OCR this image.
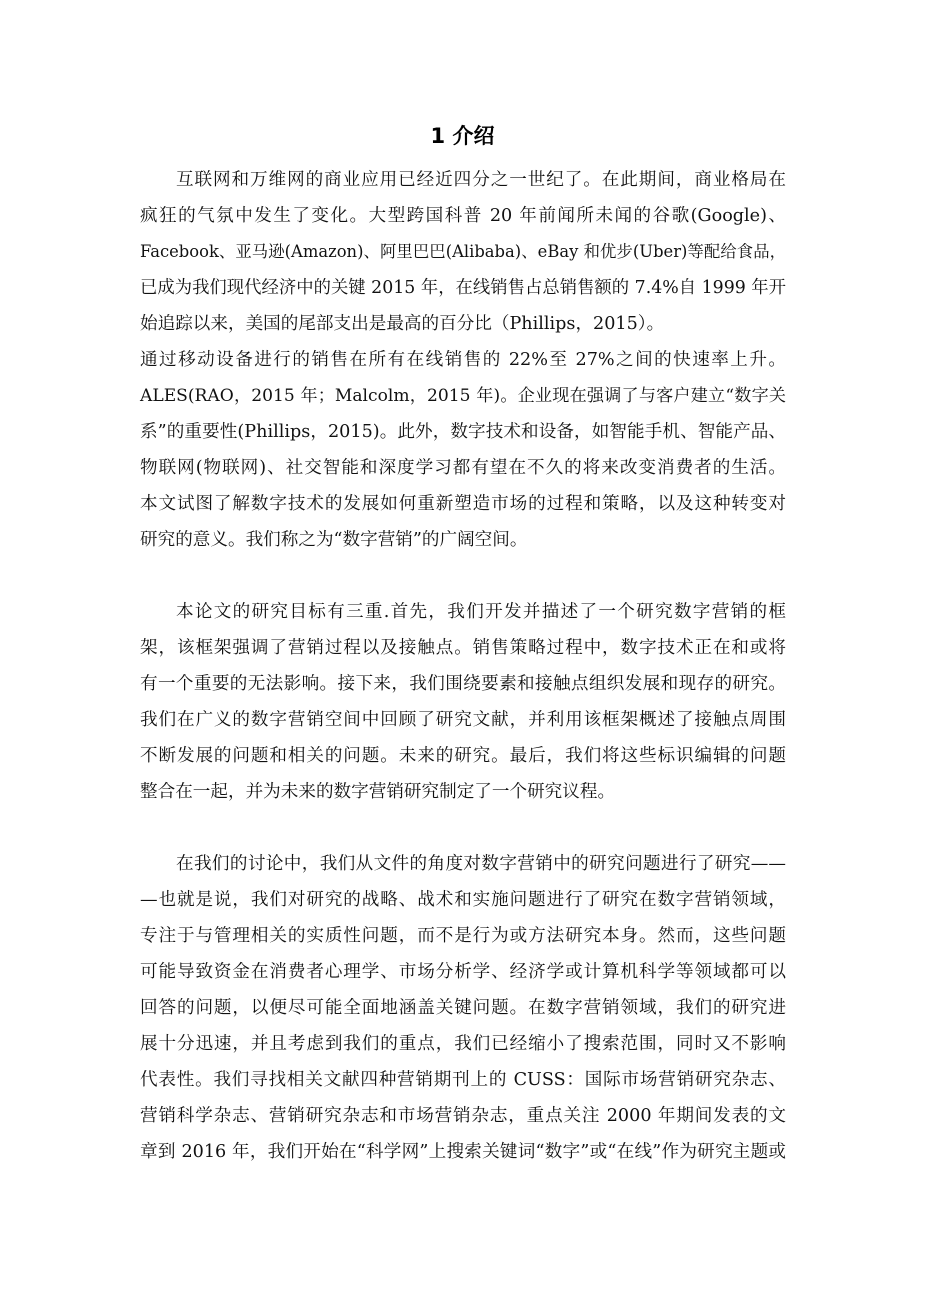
1 介绍
互联网和万维网的商业应用已经近四分之一世纪了。在此期间，商业格局在
疯狂的气氛中发生了变化。大型跨国科普 20 年前闻所未闻的谷歌(Google)、
Facebook、亚马逊(Amazon)、阿里巴巴(Alibaba)、eBay 和优步(Uber)等配给食品，
已成为我们现代经济中的关键 2015 年，在线销售占总销售额的 7.4%自 1999 年开
始追踪以来，美国的尾部支出是最高的百分比（Phillips，2015）。
通过移动设备进行的销售在所有在线销售的 22%至 27%之间的快速率上升。
ALES(RAO，2015 年；Malcolm，2015 年)。企业现在强调了与客户建立“数字关
系”的重要性(Phillips，2015)。此外，数字技术和设备，如智能手机、智能产品、
物联网(物联网)、社交智能和深度学习都有望在不久的将来改变消费者的生活。
本文试图了解数字技术的发展如何重新塑造市场的过程和策略，以及这种转变对
研究的意义。我们称之为“数字营销”的广阔空间。
本论文的研究目标有三重.首先，我们开发并描述了一个研究数字营销的框
架，该框架强调了营销过程以及接触点。销售策略过程中，数字技术正在和或将
有一个重要的无法影响。接下来，我们围绕要素和接触点组织发展和现存的研究。
我们在广义的数字营销空间中回顾了研究文献，并利用该框架概述了接触点周围
不断发展的问题和相关的问题。未来的研究。最后，我们将这些标识编辑的问题
整合在一起，并为未来的数字营销研究制定了一个研究议程。
在我们的讨论中，我们从文件的角度对数字营销中的研究问题进行了研究——
—也就是说，我们对研究的战略、战术和实施问题进行了研究在数字营销领域，
专注于与管理相关的实质性问题，而不是行为或方法研究本身。然而，这些问题
可能导致资金在消费者心理学、市场分析学、经济学或计算机科学等领域都可以
回答的问题，以便尽可能全面地涵盖关键问题。在数字营销领域，我们的研究进
展十分迅速，并且考虑到我们的重点，我们已经缩小了搜索范围，同时又不影响
代表性。我们寻找相关文献四种营销期刊上的 CUSS：国际市场营销研究杂志、
营销科学杂志、营销研究杂志和市场营销杂志，重点关注 2000 年期间发表的文
章到 2016 年，我们开始在“科学网”上搜索关键词“数字”或“在线”作为研究主题或
